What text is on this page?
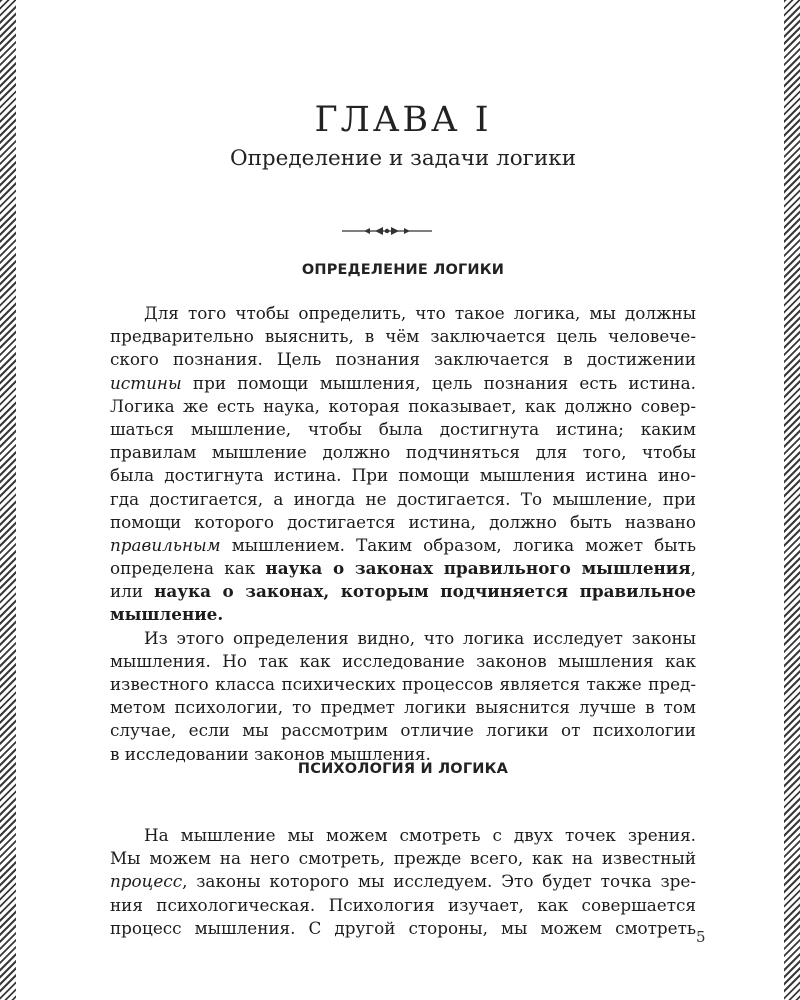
ГЛАВА I
Определение и задачи логики
ОПРЕДЕЛЕНИЕ ЛОГИКИ
Для того чтобы определить, что такое логика, мы должны
предварительно выяснить, в чём заключается цель человече-
ского познания. Цель познания заключается в достижении
истины при помощи мышления, цель познания есть истина.
Логика же есть наука, которая показывает, как должно совер-
шаться мышление, чтобы была достигнута истина; каким
правилам мышление должно подчиняться для того, чтобы
была достигнута истина. При помощи мышления истина ино-
гда достигается, а иногда не достигается. То мышление, при
помощи которого достигается истина, должно быть названо
правильным мышлением. Таким образом, логика может быть
определена как наука о законах правильного мышления,
или наука о законах, которым подчиняется правильное
мышление.
Из этого определения видно, что логика исследует законы
мышления. Но так как исследование законов мышления как
известного класса психических процессов является также пред-
метом психологии, то предмет логики выяснится лучше в том
случае, если мы рассмотрим отличие логики от психологии
в исследовании законов мышления.
ПСИХОЛОГИЯ И ЛОГИКА
На мышление мы можем смотреть с двух точек зрения.
Мы можем на него смотреть, прежде всего, как на известный
процесс, законы которого мы исследуем. Это будет точка зре-
ния психологическая. Психология изучает, как совершается
процесс мышления. С другой стороны, мы можем смотреть 5
